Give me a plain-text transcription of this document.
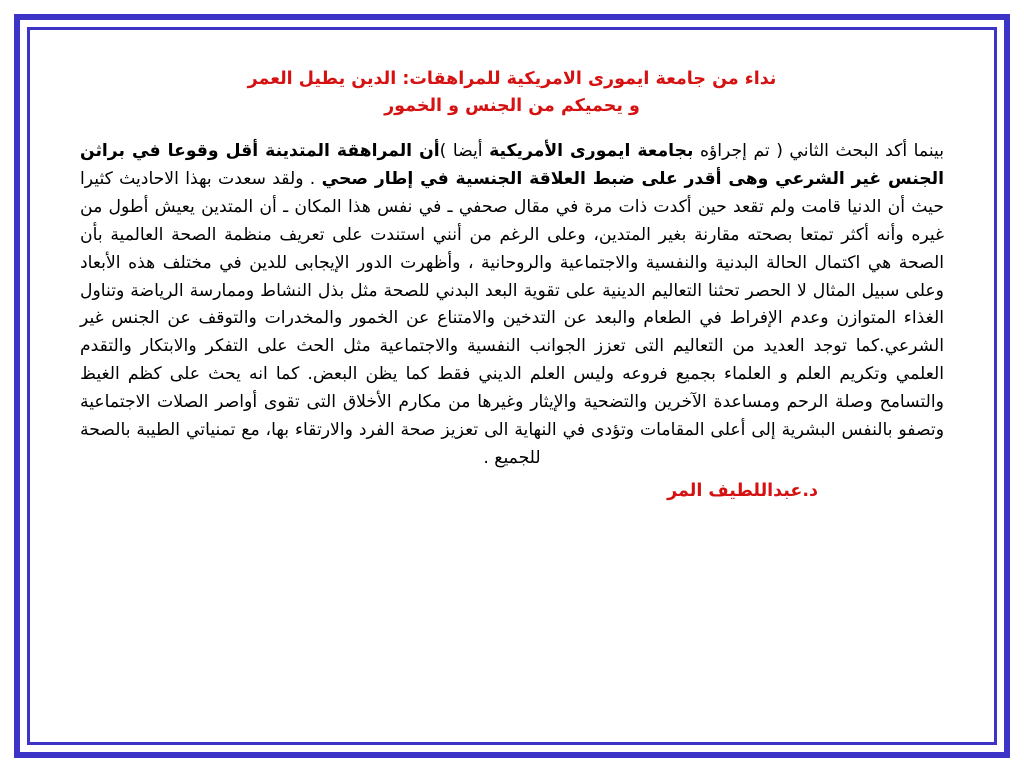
نداء من جامعة ايمورى الامريكية للمراهقات: الدين يطيل العمر
و يحميكم من الجنس و الخمور

بينما أكد البحث الثاني ( تم إجراؤه بجامعة ايمورى الأمريكية أيضا )أن المراهقة المتدينة أقل وقوعا في براثن الجنس غير الشرعي وهى أقدر على ضبط العلاقة الجنسية في إطار صحي . ولقد سعدت بهذا الاحاديث كثيرا حيث أن الدنيا قامت ولم تقعد حين أكدت ذات مرة في مقال صحفي ـ في نفس هذا المكان ـ أن المتدين يعيش أطول من غيره وأنه أكثر تمتعا بصحته مقارنة بغير المتدين، وعلى الرغم من أنني استندت على تعريف منظمة الصحة العالمية بأن الصحة هي اكتمال الحالة البدنية والنفسية والاجتماعية والروحانية ، وأظهرت الدور الإيجابى للدين في مختلف هذه الأبعاد وعلى سبيل المثال لا الحصر تحثنا التعاليم الدينية على تقوية البعد البدني للصحة مثل بذل النشاط وممارسة الرياضة وتناول الغذاء المتوازن وعدم الإفراط في الطعام والبعد عن التدخين والامتناع عن الخمور والمخدرات والتوقف عن الجنس غير الشرعي.كما توجد العديد من التعاليم التى تعزز الجوانب النفسية والاجتماعية مثل الحث على التفكر والابتكار والتقدم العلمي وتكريم العلم و العلماء بجميع فروعه وليس العلم الديني فقط كما يظن البعض. كما انه يحث على كظم الغيظ والتسامح وصلة الرحم ومساعدة الآخرين والتضحية والإيثار وغيرها من مكارم الأخلاق التى تقوى أواصر الصلات الاجتماعية وتصفو بالنفس البشرية إلى أعلى المقامات وتؤدى في النهاية الى تعزيز صحة الفرد والارتقاء بها، مع تمنياتي الطيبة بالصحة للجميع .

د.عبداللطيف المر
